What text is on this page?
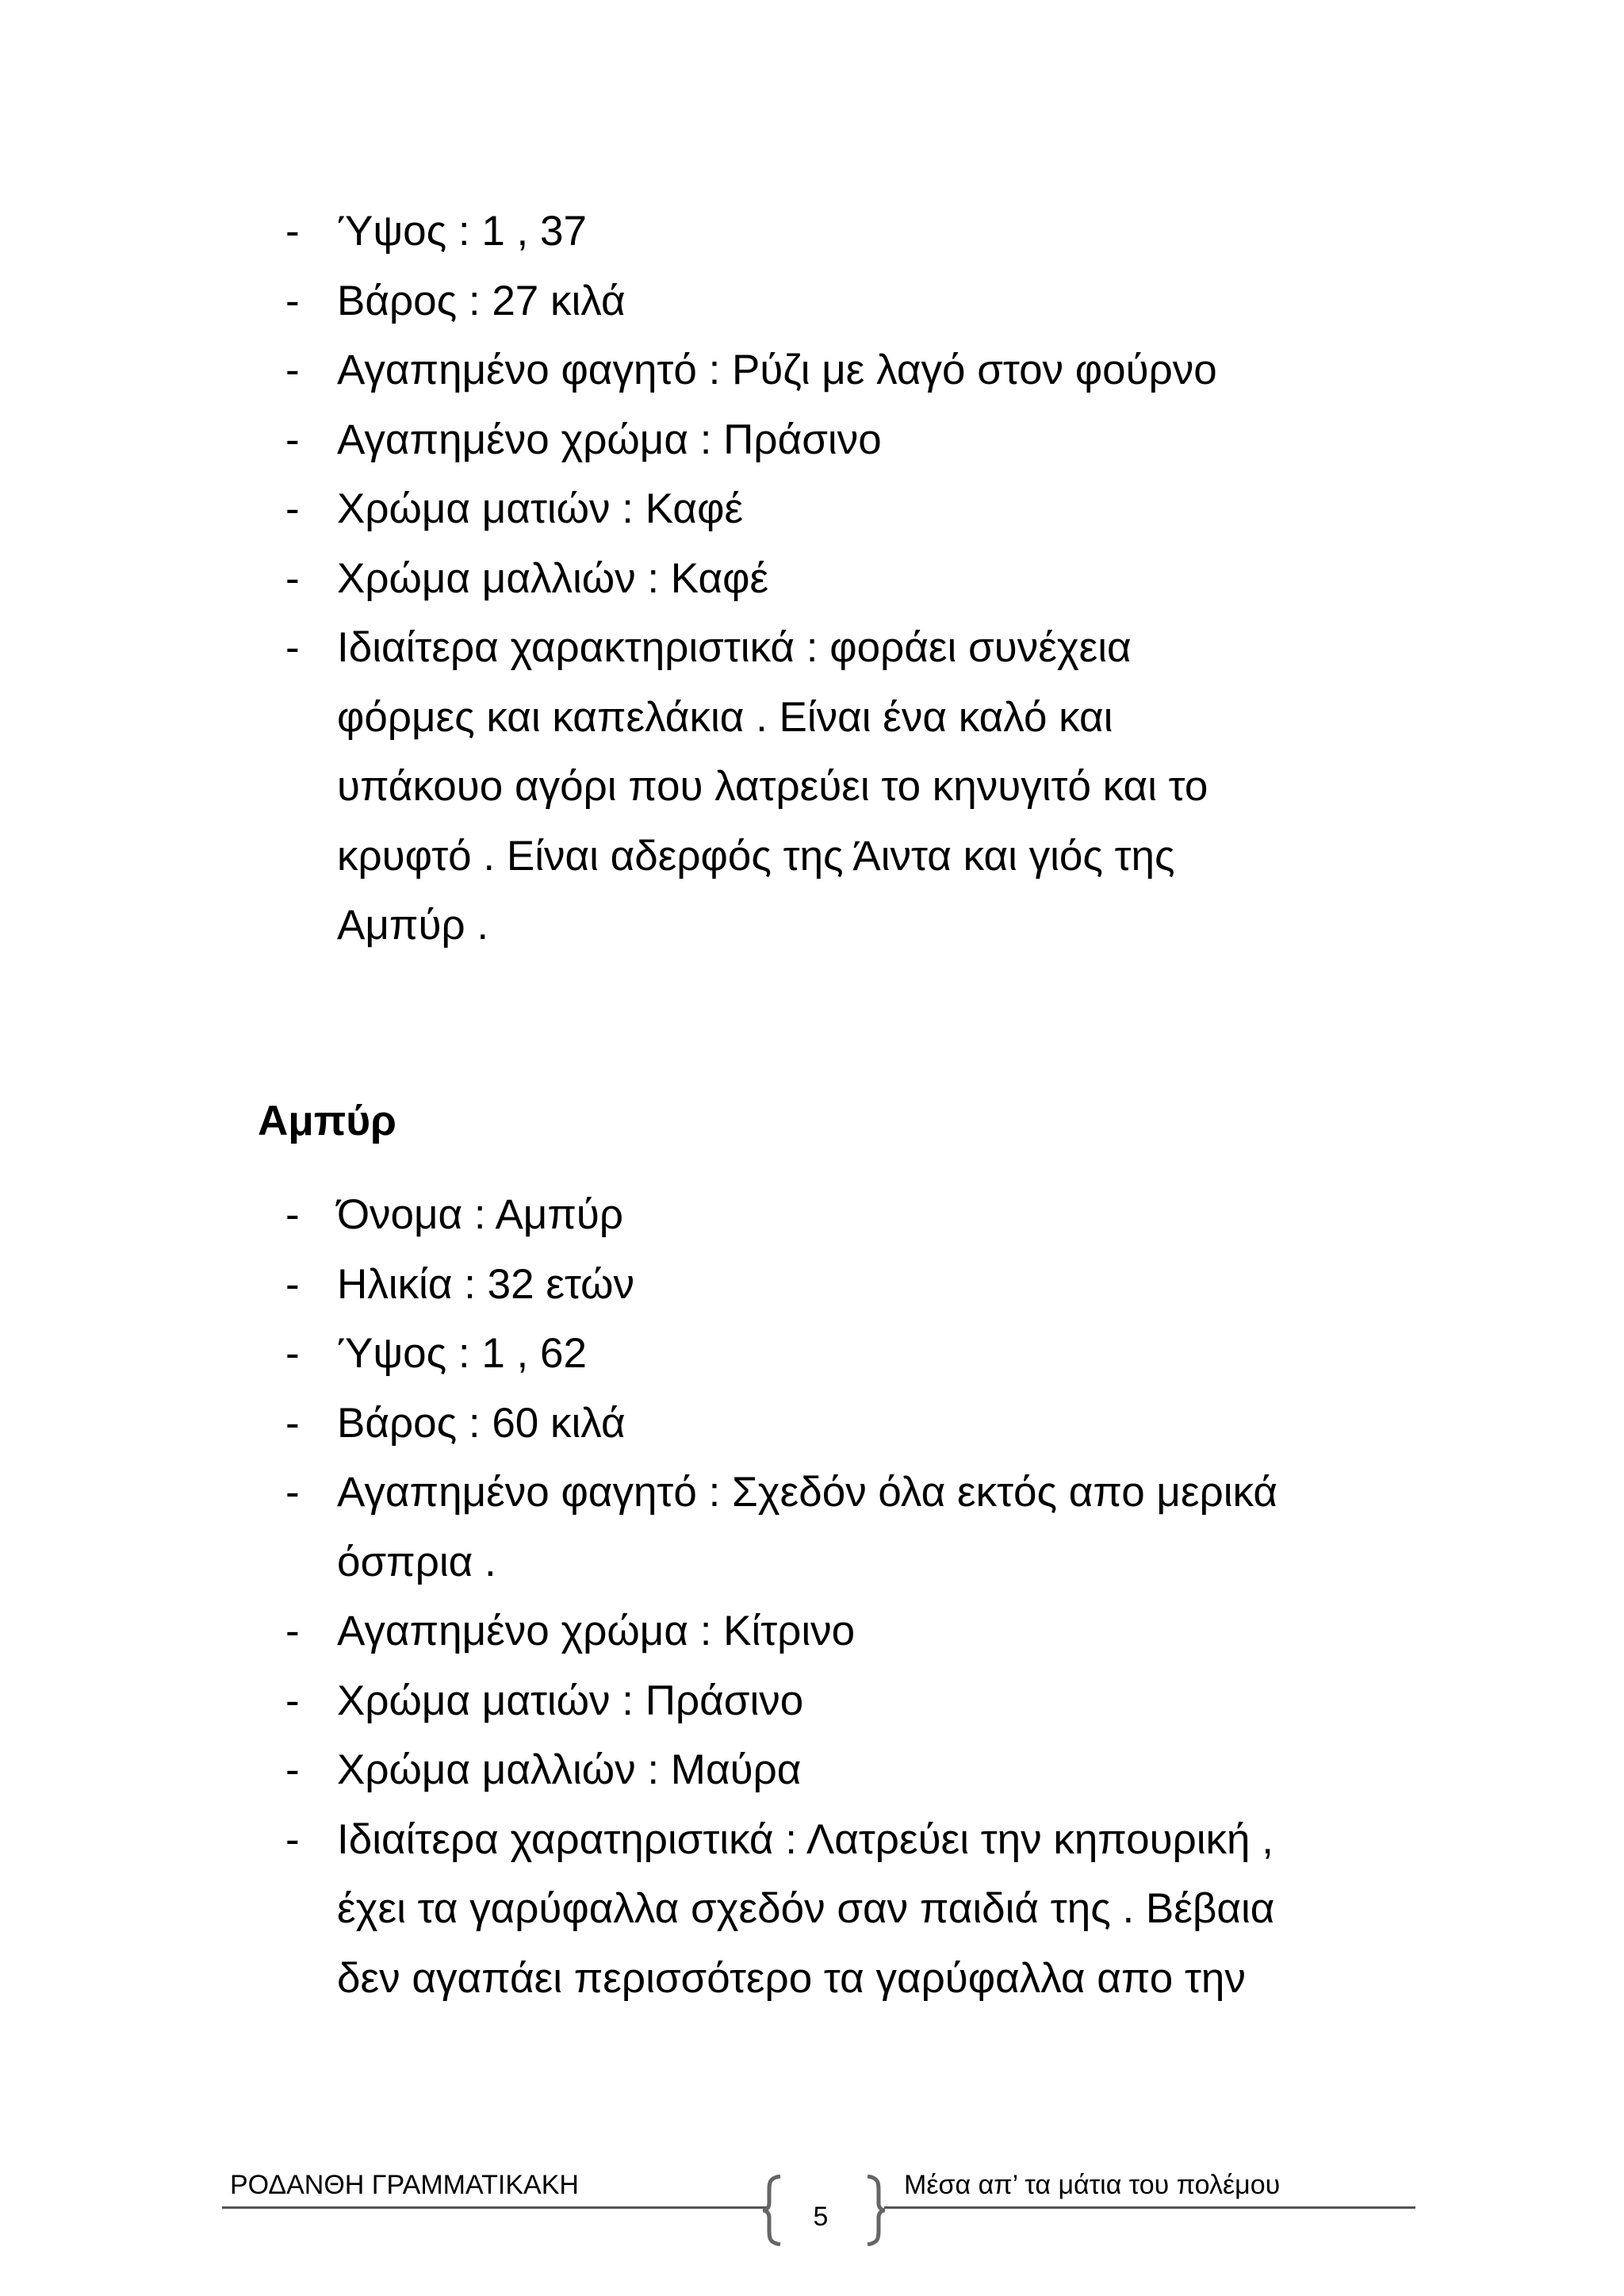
- Ύψος : 1 , 37
- Βάρος : 27 κιλά
- Αγαπημένο φαγητό : Ρύζι με λαγό στον φούρνο
- Αγαπημένο χρώμα : Πράσινο
- Χρώμα ματιών : Καφέ
- Χρώμα μαλλιών : Καφέ
- Ιδιαίτερα χαρακτηριστικά : φοράει συνέχεια
φόρμες και καπελάκια . Είναι ένα καλό και
υπάκουο αγόρι που λατρεύει το κηνυγιτό και το
κρυφτό . Είναι αδερφός της Άιντα και γιός της
Αμπύρ .
Αμπύρ
- Όνομα : Αμπύρ
- Ηλικία : 32 ετών
- Ύψος : 1 , 62
- Βάρος : 60 κιλά
- Αγαπημένο φαγητό : Σχεδόν όλα εκτός απο μερικά
όσπρια .
- Αγαπημένο χρώμα : Κίτρινο
- Χρώμα ματιών : Πράσινο
- Χρώμα μαλλιών : Μαύρα
- Ιδιαίτερα χαρατηριστικά : Λατρεύει την κηπουρική ,
έχει τα γαρύφαλλα σχεδόν σαν παιδιά της . Βέβαια
δεν αγαπάει περισσότερο τα γαρύφαλλα απο την
ΡΟΔΑΝΘΗ ΓΡΑΜΜΑΤΙΚΑΚΗ
5
Μέσα απ’ τα μάτια του πολέμου
